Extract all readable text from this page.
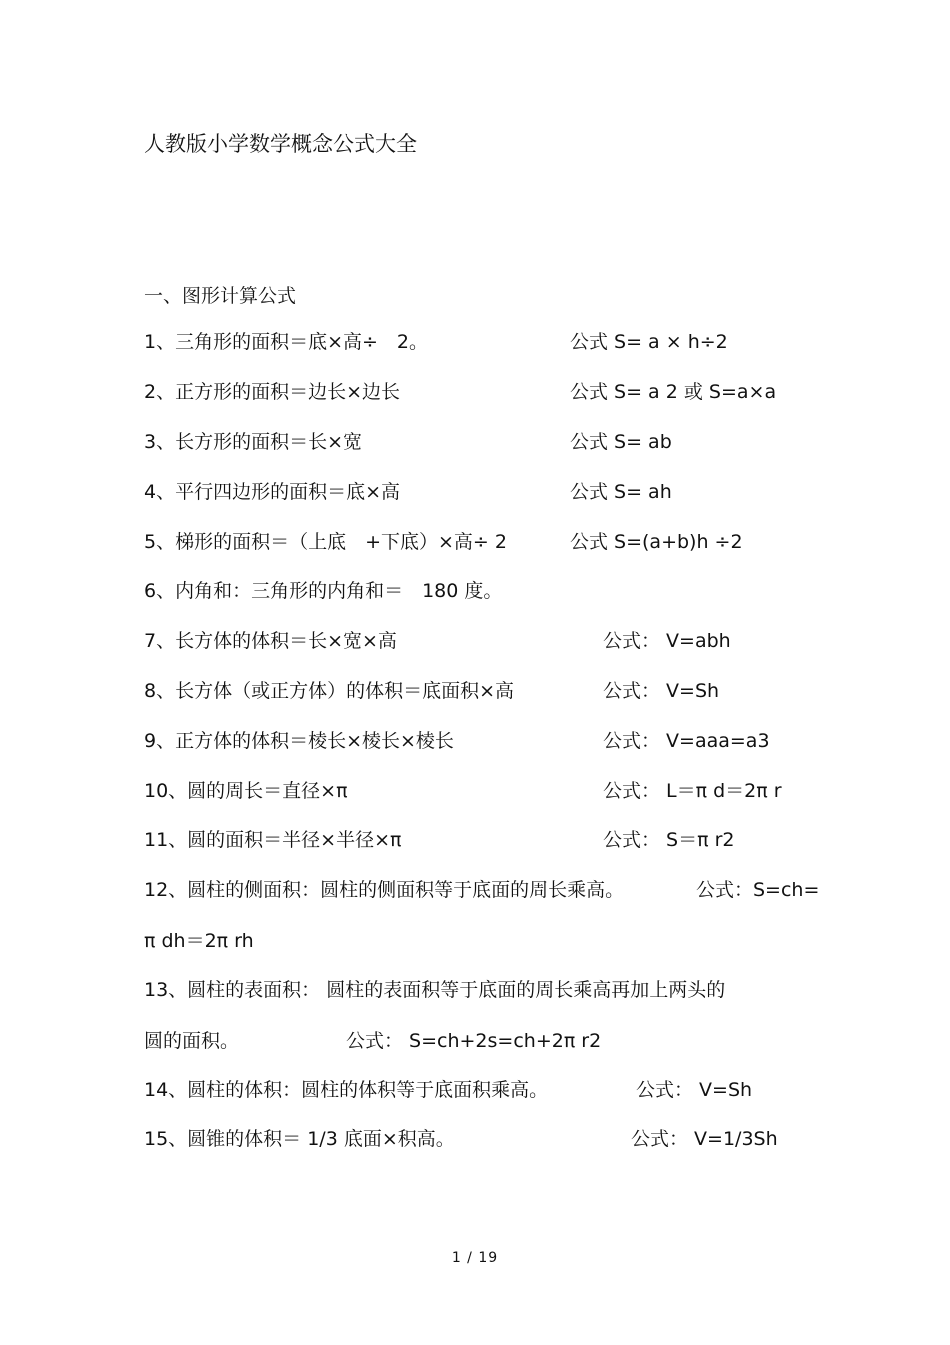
人教版小学数学概念公式大全
一、图形计算公式
1、三角形的面积＝底×高÷　2。	公式 S= a × h÷2
2、正方形的面积＝边长×边长	公式 S= a 2 或 S=a×a
3、长方形的面积＝长×宽	公式 S= ab
4、平行四边形的面积＝底×高	公式 S= ah
5、梯形的面积＝（上底　+下底）×高÷ 2	公式 S=(a+b)h ÷2
6、内角和：三角形的内角和＝　180 度。
7、长方体的体积＝长×宽×高	公式： V=abh
8、长方体（或正方体）的体积＝底面积×高	公式： V=Sh
9、正方体的体积＝棱长×棱长×棱长	公式： V=aaa=a3
10、圆的周长＝直径×π	公式： L＝π d＝2π r
11、圆的面积＝半径×半径×π	公式： S＝π r2
12、圆柱的侧面积：圆柱的侧面积等于底面的周长乘高。	公式：S=ch=
π dh＝2π rh
13、圆柱的表面积： 圆柱的表面积等于底面的周长乘高再加上两头的
圆的面积。	公式： S=ch+2s=ch+2π r2
14、圆柱的体积：圆柱的体积等于底面积乘高。	公式： V=Sh
15、圆锥的体积＝ 1/3 底面×积高。	公式： V=1/3Sh
1 / 19
